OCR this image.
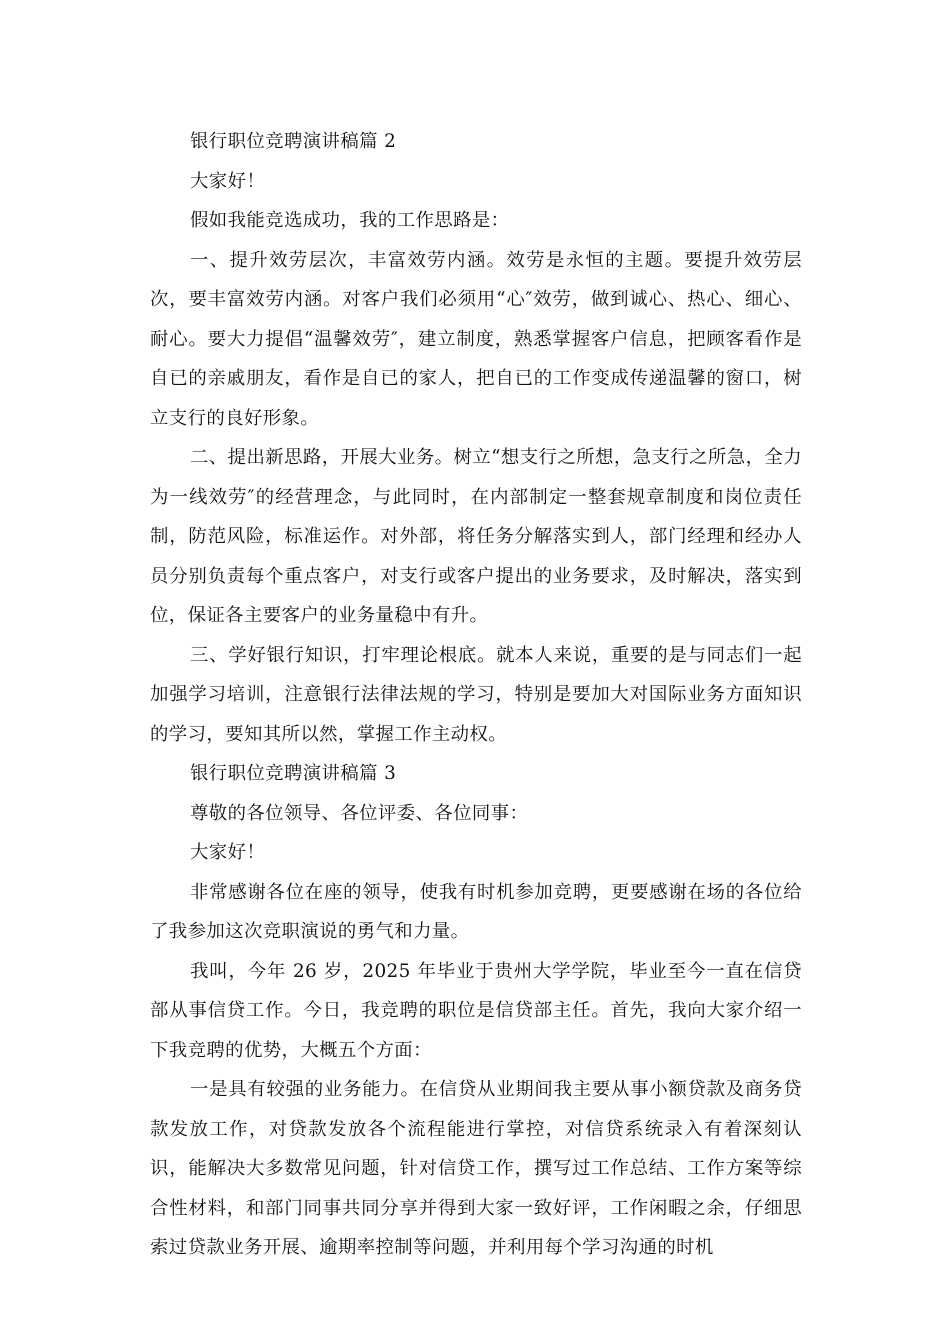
银行职位竞聘演讲稿篇 2

大家好！

假如我能竞选成功，我的工作思路是：

一、提升效劳层次，丰富效劳内涵。效劳是永恒的主题。要提升效劳层次，要丰富效劳内涵。对客户我们必须用“心″效劳，做到诚心、热心、细心、耐心。要大力提倡“温馨效劳″，建立制度，熟悉掌握客户信息，把顾客看作是自已的亲戚朋友，看作是自已的家人，把自已的工作变成传递温馨的窗口，树立支行的良好形象。

二、提出新思路，开展大业务。树立“想支行之所想，急支行之所急，全力为一线效劳″的经营理念，与此同时，在内部制定一整套规章制度和岗位责任制，防范风险，标准运作。对外部，将任务分解落实到人，部门经理和经办人员分别负责每个重点客户，对支行或客户提出的业务要求，及时解决，落实到位，保证各主要客户的业务量稳中有升。

三、学好银行知识，打牢理论根底。就本人来说，重要的是与同志们一起加强学习培训，注意银行法律法规的学习，特别是要加大对国际业务方面知识的学习，要知其所以然，掌握工作主动权。

银行职位竞聘演讲稿篇 3

尊敬的各位领导、各位评委、各位同事：

大家好！

非常感谢各位在座的领导，使我有时机参加竞聘，更要感谢在场的各位给了我参加这次竞职演说的勇气和力量。

我叫，今年 26 岁，2025 年毕业于贵州大学学院，毕业至今一直在信贷部从事信贷工作。今日，我竞聘的职位是信贷部主任。首先，我向大家介绍一下我竞聘的优势，大概五个方面：

一是具有较强的业务能力。在信贷从业期间我主要从事小额贷款及商务贷款发放工作，对贷款发放各个流程能进行掌控，对信贷系统录入有着深刻认识，能解决大多数常见问题，针对信贷工作，撰写过工作总结、工作方案等综合性材料，和部门同事共同分享并得到大家一致好评，工作闲暇之余，仔细思索过贷款业务开展、逾期率控制等问题，并利用每个学习沟通的时机
